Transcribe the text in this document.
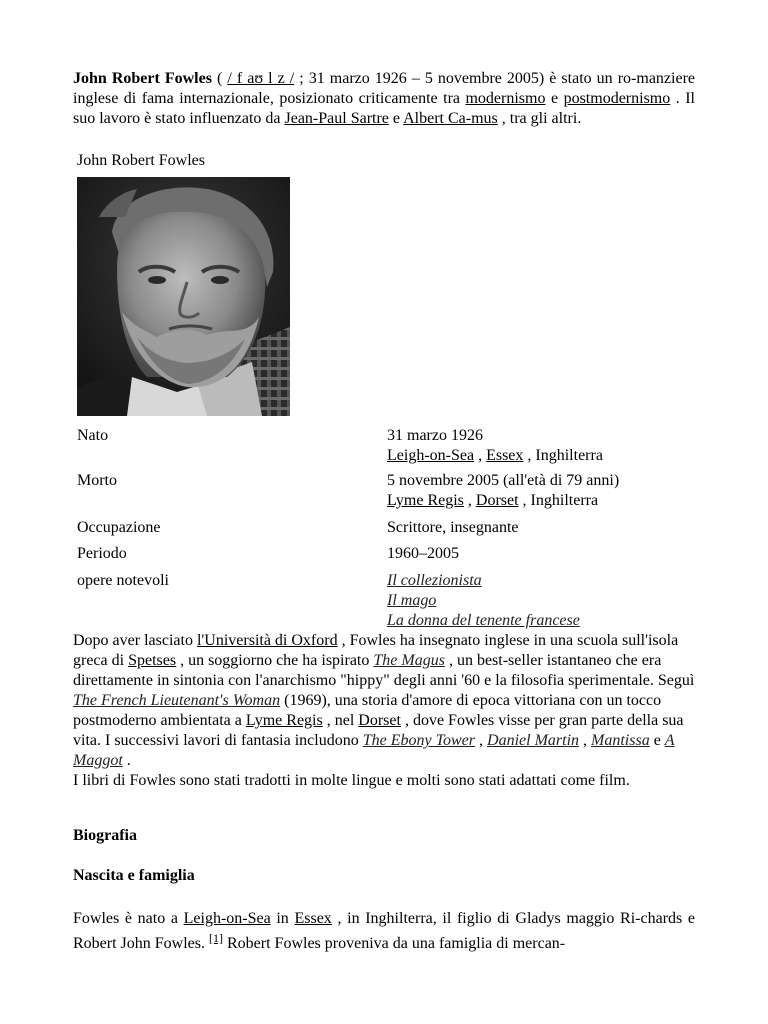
John Robert Fowles ( / f aʊ l z / ; 31 marzo 1926 – 5 novembre 2005) è stato un ro-manziere inglese di fama internazionale, posizionato criticamente tra modernismo e postmodernismo . Il suo lavoro è stato influenzato da Jean-Paul Sartre e Albert Ca-mus , tra gli altri.

John Robert Fowles
Nato	31 marzo 1926
Leigh-on-Sea , Essex , Inghilterra

Morto	5 novembre 2005 (all'età di 79 anni)
Lyme Regis , Dorset , Inghilterra

Occupazione	Scrittore, insegnante
Periodo	1960–2005
opere notevoli	Il collezionista
Il mago
La donna del tenente francese

Dopo aver lasciato l'Università di Oxford , Fowles ha insegnato inglese in una scuola sull'isola greca di Spetses , un soggiorno che ha ispirato The Magus , un best-seller istantaneo che era direttamente in sintonia con l'anarchismo "hippy" degli anni '60 e la filosofia sperimentale. Seguì The French Lieutenant's Woman (1969), una storia d'amore di epoca vittoriana con un tocco postmoderno ambientata a Lyme Regis , nel Dorset , dove Fowles visse per gran parte della sua vita. I successivi lavori di fantasia includono The Ebony Tower , Daniel Martin , Mantissa e A Maggot .

I libri di Fowles sono stati tradotti in molte lingue e molti sono stati adattati come film.

Biografia
Nascita e famiglia

Fowles è nato a Leigh-on-Sea in Essex , in Inghilterra, il figlio di Gladys maggio Ri-chards e Robert John Fowles. [1] Robert Fowles proveniva da una famiglia di mercan-
